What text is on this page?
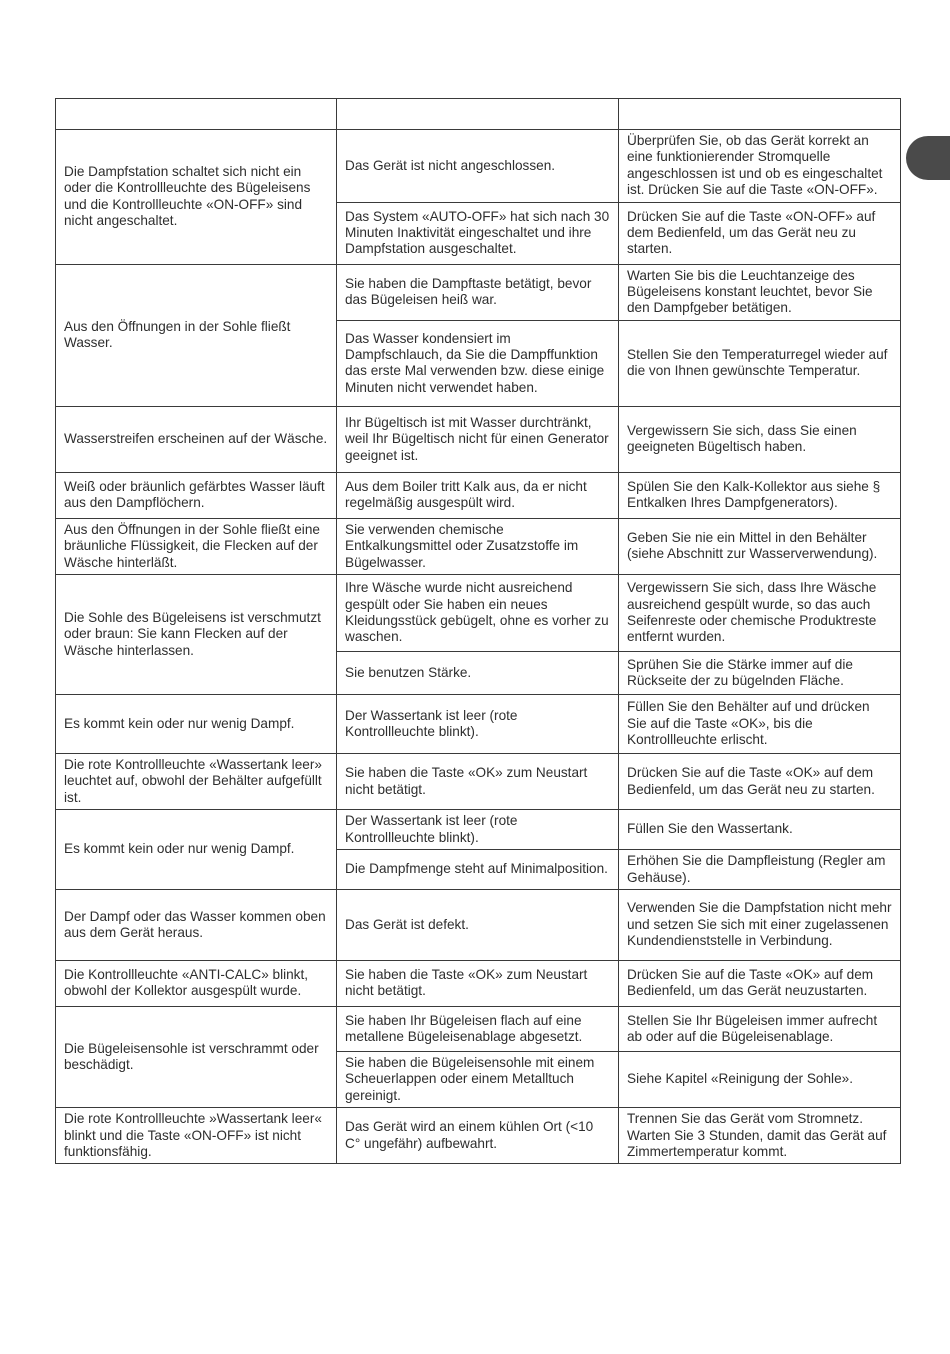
Die Dampfstation schaltet sich nicht ein oder die Kontrollleuchte des Bügeleisens und die Kontrollleuchte «ON-OFF» sind nicht angeschaltet.	Das Gerät ist nicht angeschlossen.	Überprüfen Sie, ob das Gerät korrekt an eine funktionierender Stromquelle angeschlossen ist und ob es eingeschaltet ist. Drücken Sie auf die Taste «ON-OFF».
	Das System «AUTO-OFF» hat sich nach 30 Minuten Inaktivität eingeschaltet und ihre Dampfstation ausgeschaltet.	Drücken Sie auf die Taste «ON-OFF» auf dem Bedienfeld, um das Gerät neu zu starten.
Aus den Öffnungen in der Sohle fließt Wasser.	Sie haben die Dampftaste betätigt, bevor das Bügeleisen heiß war.	Warten Sie bis die Leuchtanzeige des Bügeleisens konstant leuchtet, bevor Sie den Dampfgeber betätigen.
	Das Wasser kondensiert im Dampfschlauch, da Sie die Dampffunktion das erste Mal verwenden bzw. diese einige Minuten nicht verwendet haben.	Stellen Sie den Temperaturregel wieder auf die von Ihnen gewünschte Temperatur.
Wasserstreifen erscheinen auf der Wäsche.	Ihr Bügeltisch ist mit Wasser durchtränkt, weil Ihr Bügeltisch nicht für einen Generator geeignet ist.	Vergewissern Sie sich, dass Sie einen geeigneten Bügeltisch haben.
Weiß oder bräunlich gefärbtes Wasser läuft aus den Dampflöchern.	Aus dem Boiler tritt Kalk aus, da er nicht regelmäßig ausgespült wird.	Spülen Sie den Kalk-Kollektor aus siehe § Entkalken Ihres Dampfgenerators).
Aus den Öffnungen in der Sohle fließt eine bräunliche Flüssigkeit, die Flecken auf der Wäsche hinterläßt.	Sie verwenden chemische Entkalkungsmittel oder Zusatzstoffe im Bügelwasser.	Geben Sie nie ein Mittel in den Behälter (siehe Abschnitt zur Wasserverwendung).
Die Sohle des Bügeleisens ist verschmutzt oder braun: Sie kann Flecken auf der Wäsche hinterlassen.	Ihre Wäsche wurde nicht ausreichend gespült oder Sie haben ein neues Kleidungsstück gebügelt, ohne es vorher zu waschen.	Vergewissern Sie sich, dass Ihre Wäsche ausreichend gespült wurde, so das auch Seifenreste oder chemische Produktreste entfernt wurden.
	Sie benutzen Stärke.	Sprühen Sie die Stärke immer auf die Rückseite der zu bügelnden Fläche.
Es kommt kein oder nur wenig Dampf.	Der Wassertank ist leer (rote Kontrollleuchte blinkt).	Füllen Sie den Behälter auf und drücken Sie auf die Taste «OK», bis die Kontrollleuchte erlischt.
Die rote Kontrollleuchte «Wassertank leer» leuchtet auf, obwohl der Behälter aufgefüllt ist.	Sie haben die Taste «OK» zum Neustart nicht betätigt.	Drücken Sie auf die Taste «OK» auf dem Bedienfeld, um das Gerät neu zu starten.
Es kommt kein oder nur wenig Dampf.	Der Wassertank ist leer (rote Kontrollleuchte blinkt).	Füllen Sie den Wassertank.
	Die Dampfmenge steht auf Minimalposition.	Erhöhen Sie die Dampfleistung (Regler am Gehäuse).
Der Dampf oder das Wasser kommen oben aus dem Gerät heraus.	Das Gerät ist defekt.	Verwenden Sie die Dampfstation nicht mehr und setzen Sie sich mit einer zugelassenen Kundendienststelle in Verbindung.
Die Kontrollleuchte «ANTI-CALC» blinkt, obwohl der Kollektor ausgespült wurde.	Sie haben die Taste «OK» zum Neustart nicht betätigt.	Drücken Sie auf die Taste «OK» auf dem Bedienfeld, um das Gerät neuzustarten.
Die Bügeleisensohle ist verschrammt oder beschädigt.	Sie haben Ihr Bügeleisen flach auf eine metallene Bügeleisenablage abgesetzt.	Stellen Sie Ihr Bügeleisen immer aufrecht ab oder auf die Bügeleisenablage.
	Sie haben die Bügeleisensohle mit einem Scheuerlappen oder einem Metalltuch gereinigt.	Siehe Kapitel «Reinigung der Sohle».
Die rote Kontrollleuchte »Wassertank leer« blinkt und die Taste «ON-OFF» ist nicht funktionsfähig.	Das Gerät wird an einem kühlen Ort (<10 C° ungefähr) aufbewahrt.	Trennen Sie das Gerät vom Stromnetz. Warten Sie 3 Stunden, damit das Gerät auf Zimmertemperatur kommt.
